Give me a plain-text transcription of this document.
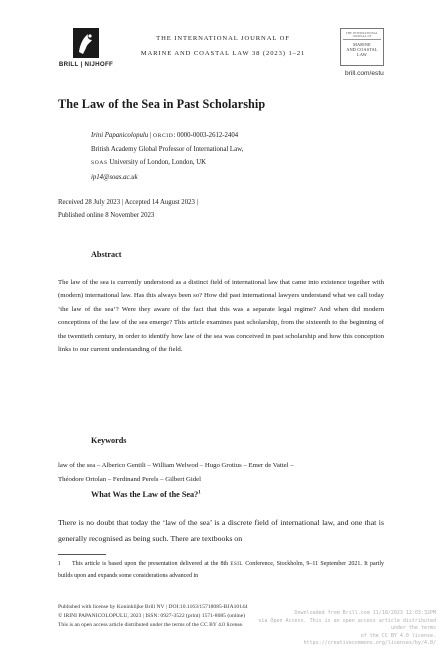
BRILL | NIJHOFF
THE INTERNATIONAL JOURNAL OF
MARINE AND COASTAL LAW 38 (2023) 1–21
THE INTERNATIONAL JOURNAL OF
MARINE
AND COASTAL
LAW
brill.com/estu
The Law of the Sea in Past Scholarship
Irini Papanicolopulu | ORCID: 0000-0003-2612-2404
British Academy Global Professor of International Law,
SOAS University of London, London, UK
ip14@soas.ac.uk
Received 28 July 2023 | Accepted 14 August 2023 |
Published online 8 November 2023
Abstract

The law of the sea is currently understood as a distinct field of international law that came into existence together with (modern) international law. Has this always been so? How did past international lawyers understand what we call today ‘the law of the sea’? Were they aware of the fact that this was a separate legal regime? And when did modern conceptions of the law of the sea emerge? This article examines past scholarship, from the sixteenth to the beginning of the twentieth century, in order to identify how law of the sea was conceived in past scholarship and how this conception links to our current understanding of the field.

Keywords
law of the sea – Alberico Gentili – William Welwod – Hugo Grotius – Emer de Vattel –
Théodore Ortolan – Ferdinand Perels – Gilbert Gidel
What Was the Law of the Sea?$^1$

There is no doubt that today the ‘law of the sea’ is a discrete field of international law, and one that is generally recognised as being such. There are textbooks on

1 This article is based upon the presentation delivered at the 8th ESIL Conference, Stockholm, 9–11 September 2021. It partly builds upon and expands some considerations advanced in
Published with license by Koninklijke Brill NV | DOI:10.1163/15718085-BJA10144
© IRINI PAPANICOLOPULU, 2023 | ISSN: 0927-3522 (print) 1571-8085 (online)
This is an open access article distributed under the terms of the CC BY 4.0 license.
Downloaded from Brill.com 11/18/2023 12:03:32PM
via Open Access. This is an open access article distributed under the terms
of the CC BY 4.0 license.
https://creativecommons.org/licenses/by/4.0/
